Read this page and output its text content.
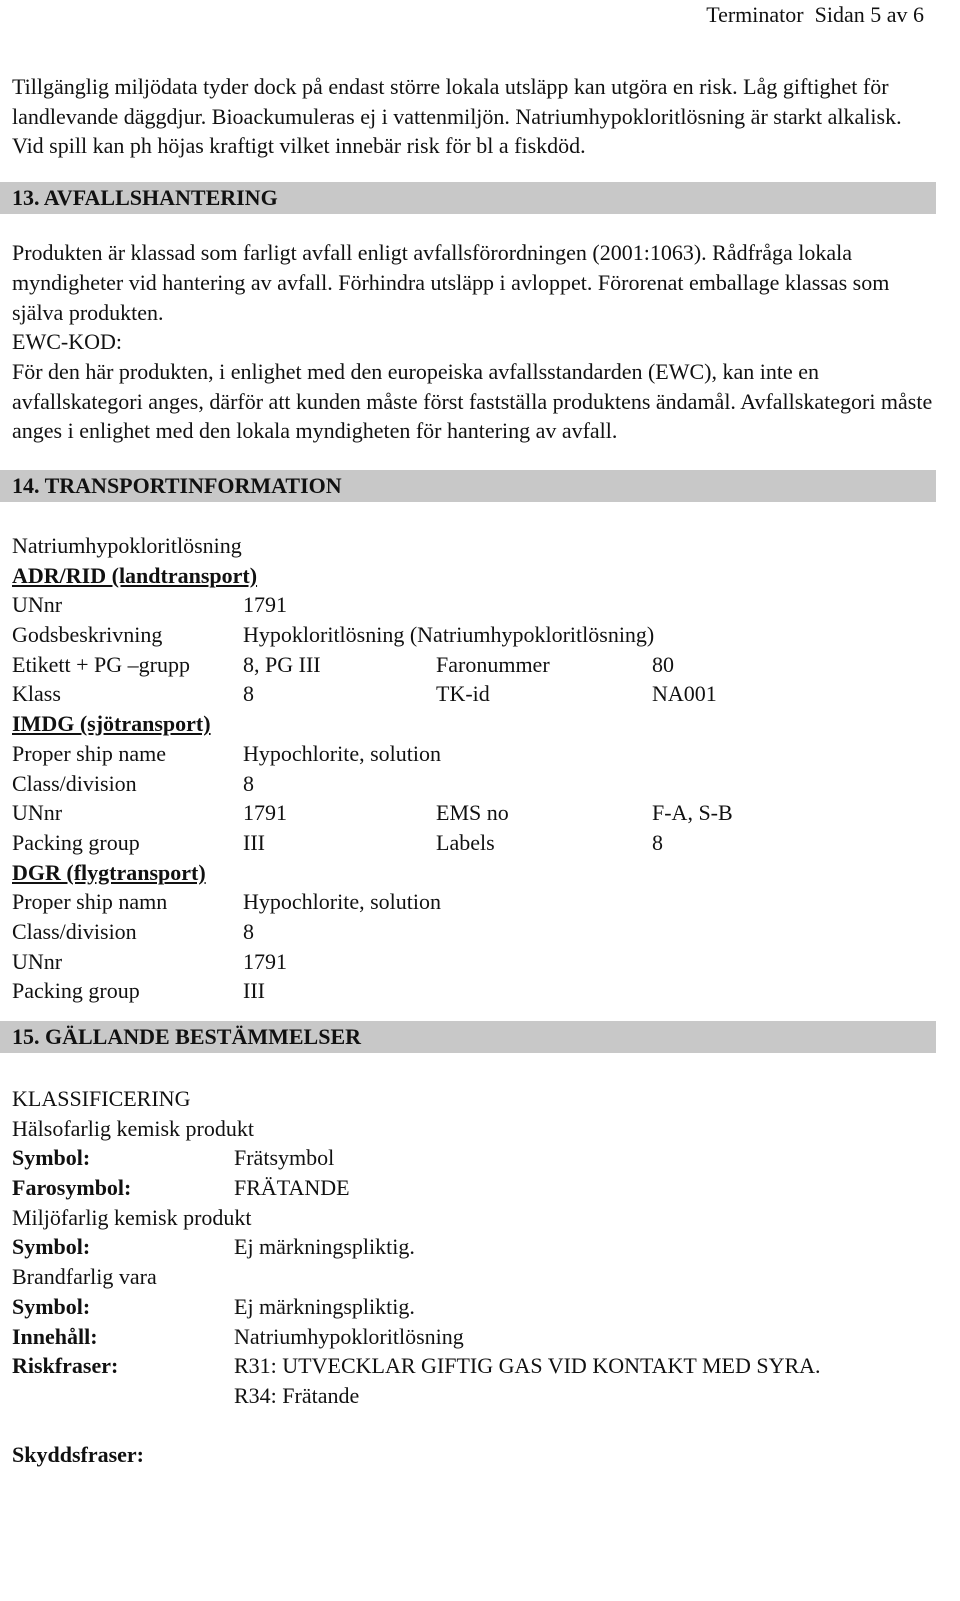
Terminator Sidan 5 av 6

Tillgänglig miljödata tyder dock på endast större lokala utsläpp kan utgöra en risk. Låg giftighet för landlevande däggdjur. Bioackumuleras ej i vattenmiljön. Natriumhypokloritlösning är starkt alkalisk. Vid spill kan ph höjas kraftigt vilket innebär risk för bl a fiskdöd.

13. AVFALLSHANTERING

Produkten är klassad som farligt avfall enligt avfallsförordningen (2001:1063). Rådfråga lokala myndigheter vid hantering av avfall. Förhindra utsläpp i avloppet. Förorenat emballage klassas som själva produkten.

EWC-KOD:

För den här produkten, i enlighet med den europeiska avfallsstandarden (EWC), kan inte en avfallskategori anges, därför att kunden måste först fastställa produktens ändamål. Avfallskategori måste anges i enlighet med den lokala myndigheten för hantering av avfall.

14. TRANSPORTINFORMATION
Natriumhypokloritlösning
ADR/RID (landtransport)
UNnr	1791
Godsbeskrivning	Hypokloritlösning (Natriumhypokloritlösning)
Etikett + PG –grupp	8, PG III	Faronummer	80
Klass	8	TK-id	NA001
IMDG (sjötransport)
Proper ship name	Hypochlorite, solution
Class/division	8
UNnr	1791	EMS no	F-A, S-B
Packing group	III	Labels	8
DGR (flygtransport)
Proper ship namn	Hypochlorite, solution
Class/division	8
UNnr	1791
Packing group	III
15. GÄLLANDE BESTÄMMELSER
KLASSIFICERING
Hälsofarlig kemisk produkt
Symbol:	Frätsymbol
Farosymbol:	FRÄTANDE
Miljöfarlig kemisk produkt
Symbol:	Ej märkningspliktig.
Brandfarlig vara
Symbol:	Ej märkningspliktig.
Innehåll:	Natriumhypokloritlösning
Riskfraser:	R31: UTVECKLAR GIFTIG GAS VID KONTAKT MED SYRA.
R34: Frätande
Skyddsfraser:
